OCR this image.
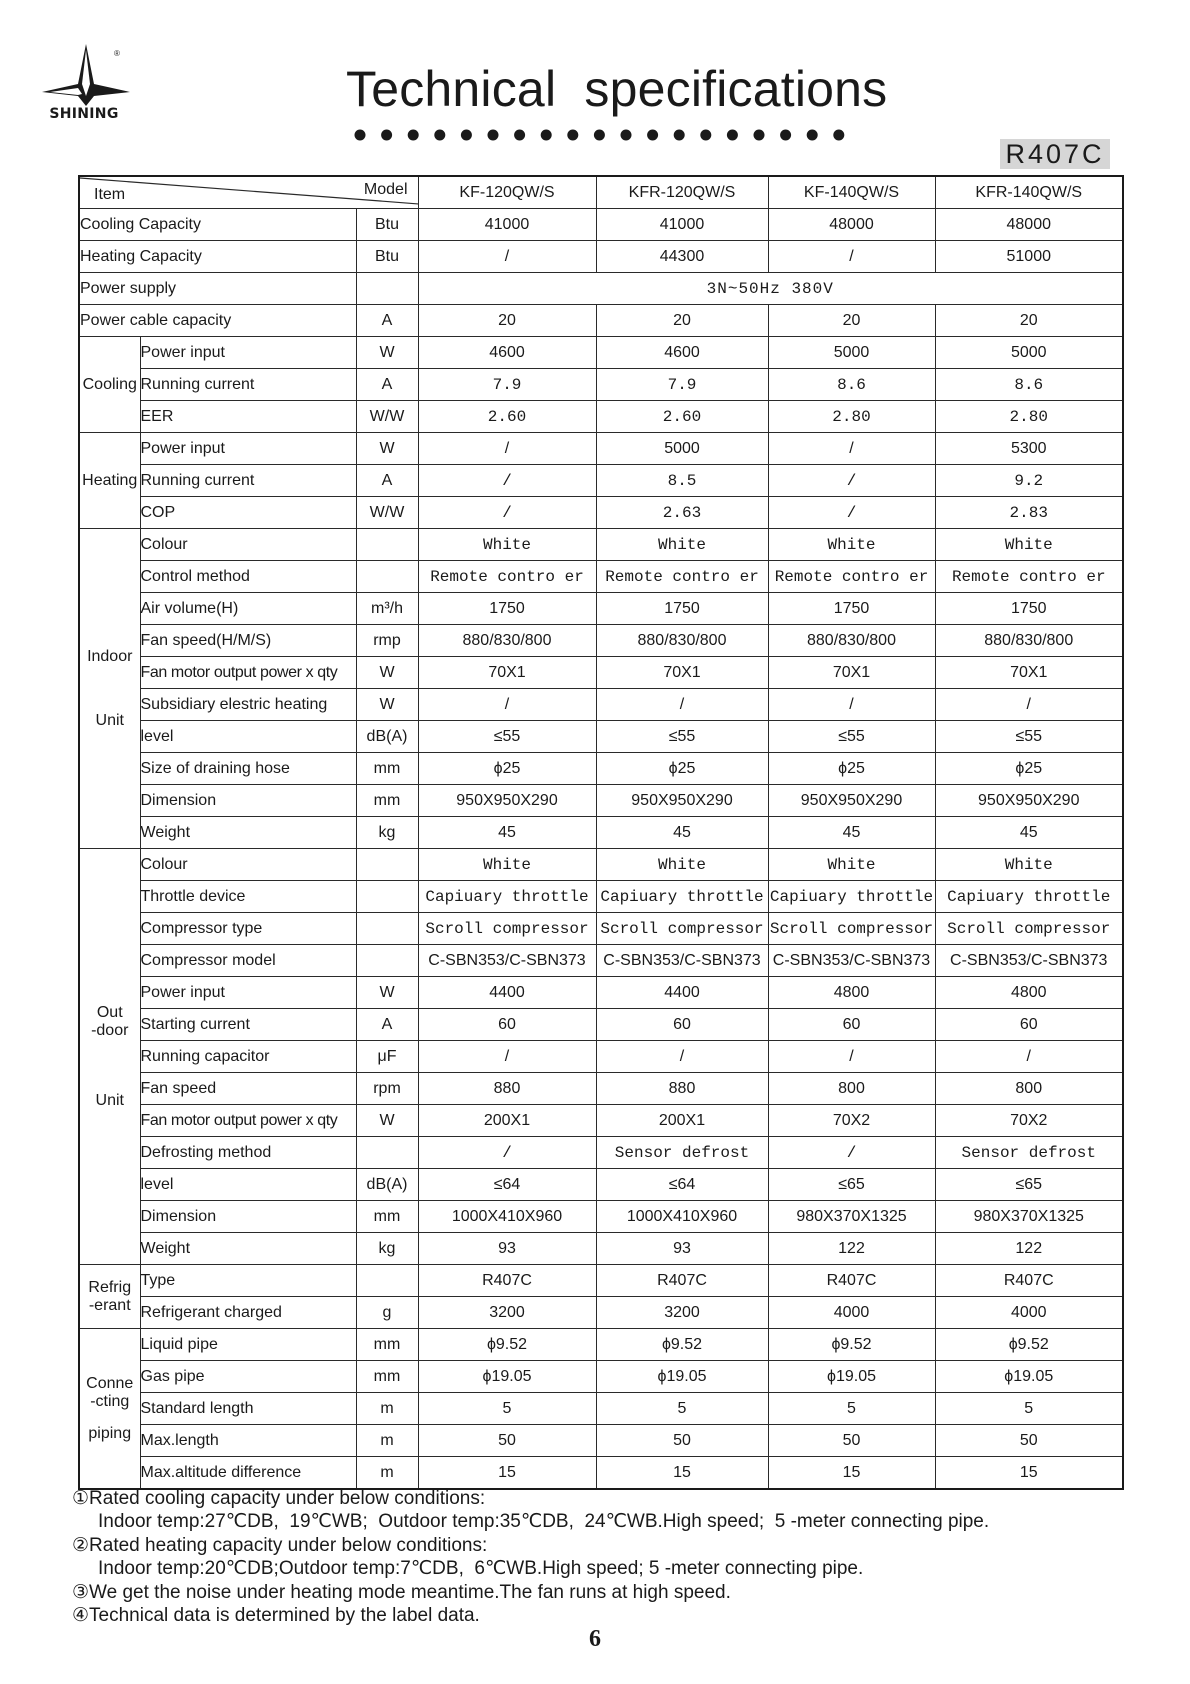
®
SHINING	Technical  specifications
R407C
Item Model			KF-120QW/S	KFR-120QW/S	KF-140QW/S	KFR-140QW/S
Cooling Capacity		Btu	41000	41000	48000	48000
Heating Capacity		Btu	/	44300	/	51000
Power supply			3N~50Hz 380V			
Power cable capacity		A	20	20	20	20
Cooling	Power input	W	4600	4600	5000	5000
	Running current	A	7.9	7.9	8.6	8.6
	EER	W/W	2.60	2.60	2.80	2.80
Heating	Power input	W	/	5000	/	5300
	Running current	A	/	8.5	/	9.2
	COP	W/W	/	2.63	/	2.83

Indoor
Unit	Colour		White	White	White	White
	Control method		Remote contro er	Remote contro er	Remote contro er	Remote contro er
	Air volume(H)	m³/h	1750	1750	1750	1750
	Fan speed(H/M/S)	rmp	880/830/800	880/830/800	880/830/800	880/830/800
	Fan motor output power x qty	W	70X1	70X1	70X1	70X1
	Subsidiary elestric heating	W	/	/	/	/
	level	dB(A)	≤55	≤55	≤55	≤55
	Size of draining hose	mm	ϕ25	ϕ25	ϕ25	ϕ25
	Dimension	mm	950X950X290	950X950X290	950X950X290	950X950X290
	Weight	kg	45	45	45	45

Out
-door
Unit	Colour		White	White	White	White
	Throttle device		Capiuary throttle	Capiuary throttle	Capiuary throttle	Capiuary throttle
	Compressor type		Scroll compressor	Scroll compressor	Scroll compressor	Scroll compressor
	Compressor model		C-SBN353/C-SBN373	C-SBN353/C-SBN373	C-SBN353/C-SBN373	C-SBN353/C-SBN373
	Power input	W	4400	4400	4800	4800
	Starting current	A	60	60	60	60
	Running capacitor	μF	/	/	/	/
	Fan speed	rpm	880	880	800	800
	Fan motor output power x qty	W	200X1	200X1	70X2	70X2
	Defrosting method		/	Sensor defrost	/	Sensor defrost
	level	dB(A)	≤64	≤64	≤65	≤65
	Dimension	mm	1000X410X960	1000X410X960	980X370X1325	980X370X1325
	Weight	kg	93	93	122	122

Refrig
-erant	Type		R407C	R407C	R407C	R407C
	Refrigerant charged	g	3200	3200	4000	4000

Conne
-cting
piping	Liquid pipe	mm	ϕ9.52	ϕ9.52	ϕ9.52	ϕ9.52
	Gas pipe	mm	ϕ19.05	ϕ19.05	ϕ19.05	ϕ19.05
	Standard length	m	5	5	5	5
	Max.length	m	50	50	50	50
	Max.altitude difference	m	15	15	15	15

①Rated cooling capacity under below conditions:

Indoor temp:27℃DB,  19℃WB;  Outdoor temp:35℃DB,  24℃WB.High speed;  5 -meter connecting pipe.

②Rated heating capacity under below conditions:

Indoor temp:20℃DB;Outdoor temp:7℃DB,  6℃WB.High speed; 5 -meter connecting pipe.

③We get the noise under heating mode meantime.The fan runs at high speed.

④Technical data is determined by the label data.

6
